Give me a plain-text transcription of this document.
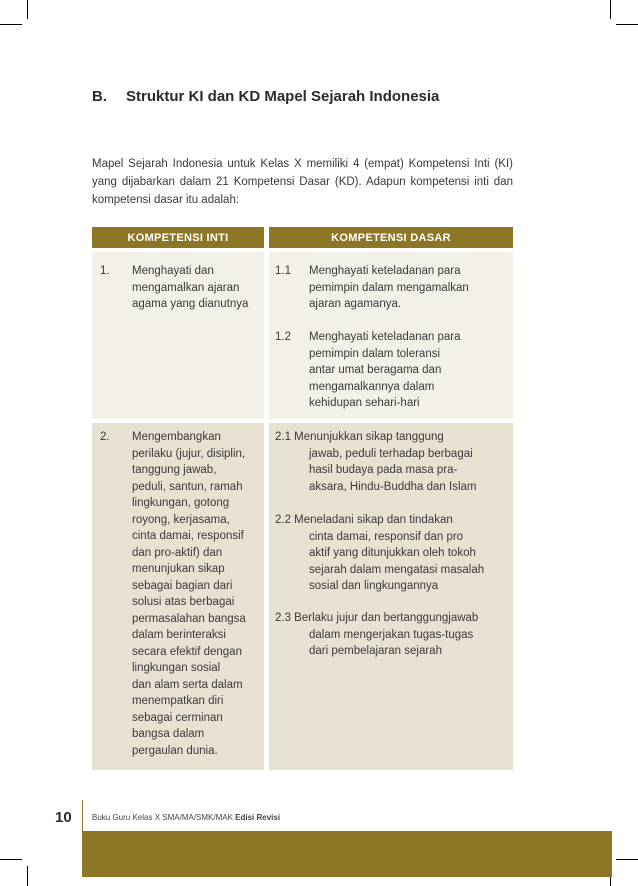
B. Struktur KI dan KD Mapel Sejarah Indonesia
Mapel Sejarah Indonesia untuk Kelas X memiliki 4 (empat) Kompetensi Inti (KI) yang dijabarkan dalam 21 Kompetensi Dasar (KD). Adapun kompetensi inti dan kompetensi dasar itu adalah:
KOMPETENSI INTI	KOMPETENSI DASAR
1. Menghayati dan
mengamalkan ajaran
agama yang dianutnya
1.1 Menghayati keteladanan para
pemimpin dalam mengamalkan
ajaran agamanya.
1.2 Menghayati keteladanan para
pemimpin dalam toleransi
antar umat beragama dan
mengamalkannya dalam
kehidupan sehari-hari
2. Mengembangkan
perilaku (jujur, disiplin,
tanggung jawab,
peduli, santun, ramah
lingkungan, gotong
royong, kerjasama,
cinta damai, responsif
dan pro-aktif) dan
menunjukan sikap
sebagai bagian dari
solusi atas berbagai
permasalahan bangsa
dalam berinteraksi
secara efektif dengan
lingkungan sosial
dan alam serta dalam
menempatkan diri
sebagai cerminan
bangsa dalam
pergaulan dunia.
2.1 Menunjukkan sikap tanggung
jawab, peduli terhadap berbagai
hasil budaya pada masa pra-
aksara, Hindu-Buddha dan Islam
2.2 Meneladani sikap dan tindakan
cinta damai, responsif dan pro
aktif yang ditunjukkan oleh tokoh
sejarah dalam mengatasi masalah
sosial dan lingkungannya
2.3 Berlaku jujur dan bertanggungjawab
dalam mengerjakan tugas-tugas
dari pembelajaran sejarah
10	Buku Guru Kelas X SMA/MA/SMK/MAK Edisi Revisi
